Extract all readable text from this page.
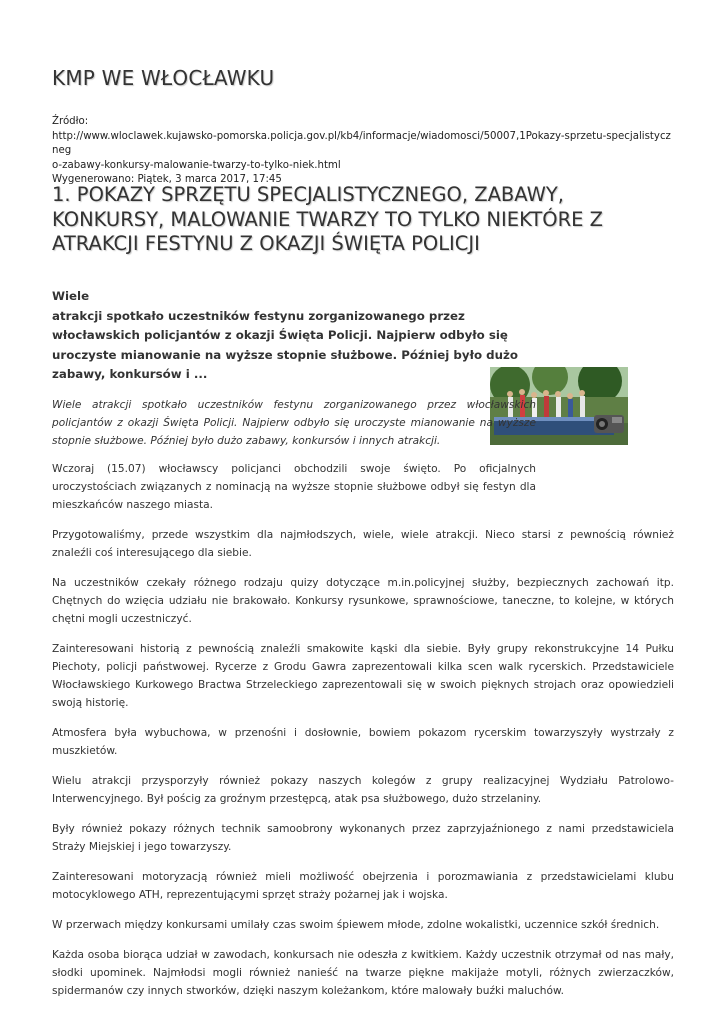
KMP WE WŁOCŁAWKU
Źródło:
http://www.wloclawek.kujawsko-pomorska.policja.gov.pl/kb4/informacje/wiadomosci/50007,1Pokazy-sprzetu-specjalistyczneg
o-zabawy-konkursy-malowanie-twarzy-to-tylko-niek.html
Wygenerowano: Piątek, 3 marca 2017, 17:45
1. POKAZY SPRZĘTU SPECJALISTYCZNEGO, ZABAWY, KONKURSY, MALOWANIE TWARZY TO TYLKO NIEKTÓRE Z ATRAKCJI FESTYNU Z OKAZJI ŚWIĘTA POLICJI
Wiele
atrakcji spotkało uczestników festynu zorganizowanego przez włocławskich policjantów z okazji Święta Policji. Najpierw odbyło się uroczyste mianowanie na wyższe stopnie służbowe. Później było dużo zabawy, konkursów i ...

Wiele atrakcji spotkało uczestników festynu zorganizowanego przez włocławskich policjantów z okazji Święta Policji. Najpierw odbyło się uroczyste mianowanie na wyższe stopnie służbowe. Później było dużo zabawy, konkursów i innych atrakcji.

Wczoraj (15.07) włocławscy policjanci obchodzili swoje święto. Po oficjalnych uroczystościach związanych z nominacją na wyższe stopnie służbowe odbył się festyn dla mieszkańców naszego miasta.

Przygotowaliśmy, przede wszystkim dla najmłodszych, wiele, wiele atrakcji. Nieco starsi z pewnością również znaleźli coś interesującego dla siebie.

Na uczestników czekały różnego rodzaju quizy dotyczące m.in.policyjnej służby, bezpiecznych zachowań itp. Chętnych do wzięcia udziału nie brakowało. Konkursy rysunkowe, sprawnościowe, taneczne, to kolejne, w których chętni mogli uczestniczyć.

Zainteresowani historią z pewnością znaleźli smakowite kąski dla siebie. Były grupy rekonstrukcyjne 14 Pułku Piechoty, policji państwowej. Rycerze z Grodu Gawra zaprezentowali kilka scen walk rycerskich. Przedstawiciele Włocławskiego Kurkowego Bractwa Strzeleckiego zaprezentowali się w swoich pięknych strojach oraz opowiedzieli swoją historię.

Atmosfera była wybuchowa, w przenośni i dosłownie, bowiem pokazom rycerskim towarzyszyły wystrzały z muszkietów.

Wielu atrakcji przysporzyły również pokazy naszych kolegów z grupy realizacyjnej Wydziału Patrolowo-Interwencyjnego. Był pościg za groźnym przestępcą, atak psa służbowego, dużo strzelaniny.

Były również pokazy różnych technik samoobrony wykonanych przez zaprzyjaźnionego z nami przedstawiciela Straży Miejskiej i jego towarzyszy.

Zainteresowani motoryzacją również mieli możliwość obejrzenia i porozmawiania z przedstawicielami klubu motocyklowego ATH, reprezentującymi sprzęt straży pożarnej jak i wojska.

W przerwach między konkursami umilały czas swoim śpiewem młode, zdolne wokalistki, uczennice szkół średnich.

Każda osoba biorąca udział w zawodach, konkursach nie odeszła z kwitkiem. Każdy uczestnik otrzymał od nas mały, słodki upominek. Najmłodsi mogli również nanieść na twarze piękne makijaże motyli, różnych zwierzaczków, spidermanów czy innych stworków, dzięki naszym koleżankom, które malowały buźki maluchów.
